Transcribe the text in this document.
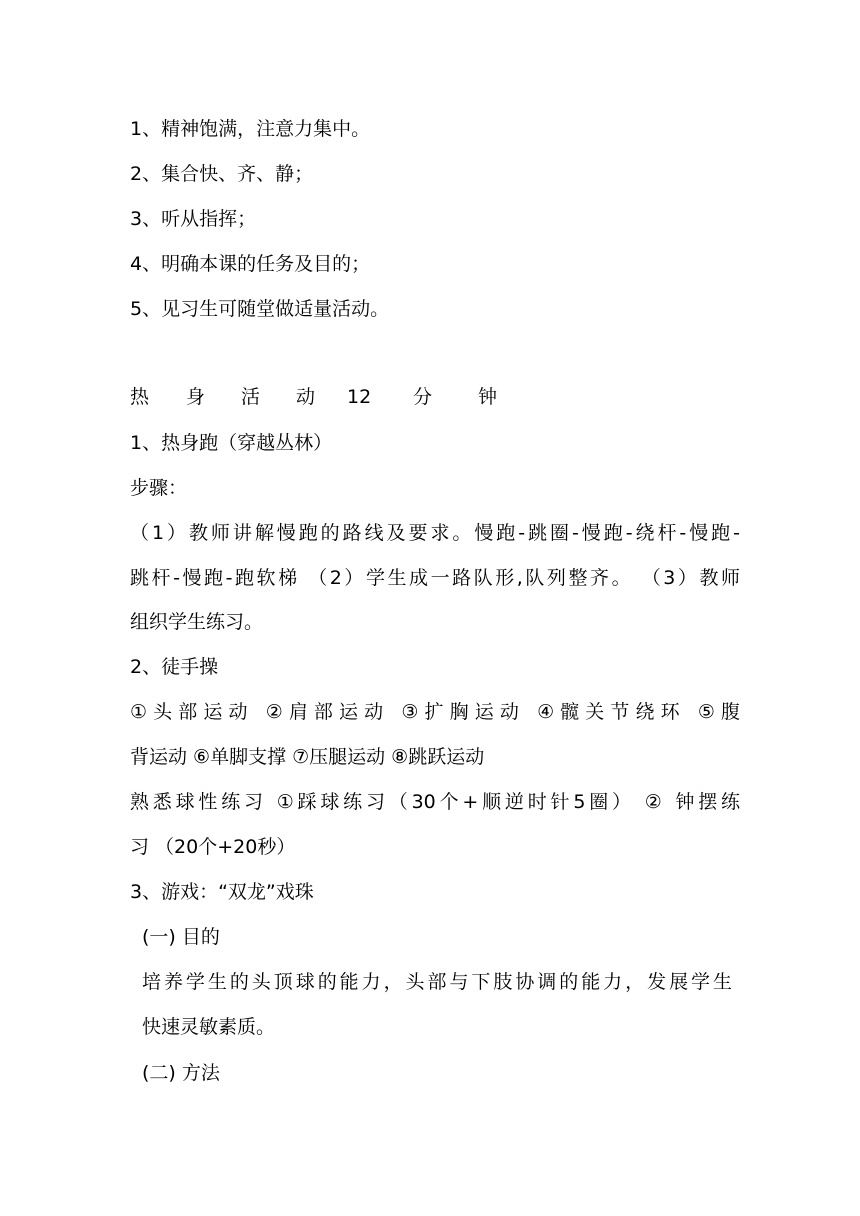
1、精神饱满，注意力集中。
2、集合快、齐、静；
3、听从指挥；
4、明确本课的任务及目的；
5、见习生可随堂做适量活动。
热 身 活 动 12 分 钟
1、热身跑（穿越丛林）
步骤：
（1）教师讲解慢跑的路线及要求。慢跑-跳圈-慢跑-绕杆-慢跑-
跳杆-慢跑-跑软梯 （2）学生成一路队形,队列整齐。 （3）教师
组织学生练习。
2、徒手操
①头部运动 ②肩部运动 ③扩胸运动 ④髋关节绕环 ⑤腹
背运动 ⑥单脚支撑 ⑦压腿运动 ⑧跳跃运动
熟悉球性练习 ①踩球练习（30个+顺逆时针5圈） ② 钟摆练
习 （20个+20秒）
3、游戏：“双龙”戏珠
(一) 目的
培养学生的头顶球的能力，头部与下肢协调的能力，发展学生
快速灵敏素质。
(二) 方法
